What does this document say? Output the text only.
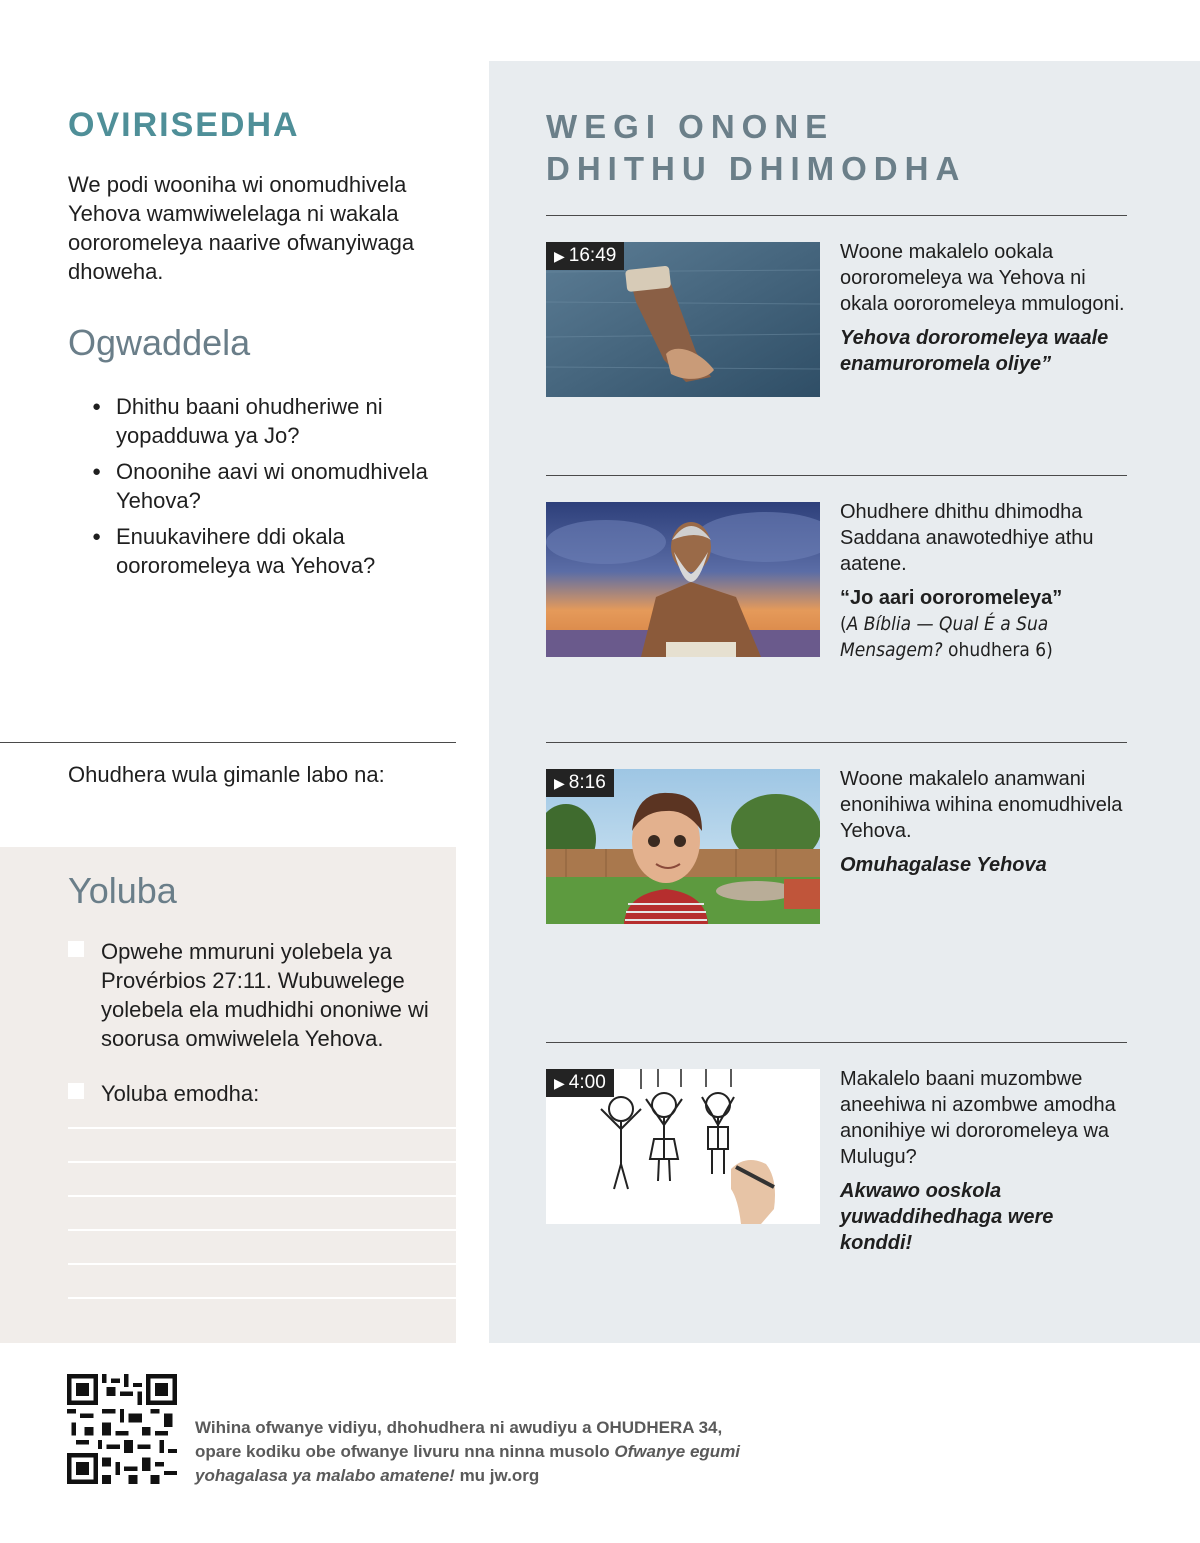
OVIRISEDHA

We podi wooniha wi onomudhivela Yehova wamwiwelelaga ni wakala oororomeleya naarive ofwanyiwaga dhoweha.

Ogwaddela
● Dhithu baani ohudheriwe ni yopadduwa ya Jo?
● Onoonihe aavi wi onomudhivela Yehova?
● Enuukavihere ddi okala oororomeleya wa Yehova?
Ohudhera wula gimanle labo na:
Yoluba
Opwehe mmuruni yolebela ya Provérbios 27:11. Wubuwelege yolebela ela mudhidhi ononiwe wi soorusa omwiwelela Yehova.
Yoluba emodha:
WEGI ONONE
DHITHU DHIMODHA
▶ 16:49	Woone makalelo ookala oororomeleya wa Yehova ni okala oororomeleya mmulogoni.
Yehova dororomeleya waale enamuroromela oliye”
Ohudhere dhithu dhimodha Saddana anawotedhiye athu aatene.
“Jo aari oororomeleya”
(A Bíblia — Qual É a Sua Mensagem? ohudhera 6)
▶ 8:16	Woone makalelo anamwani enonihiwa wihina enomudhivela Yehova.
Omuhagalase Yehova
▶ 4:00	Makalelo baani muzombwe aneehiwa ni azombwe amodha anonihiye wi dororomeleya wa Mulugu?
Akwawo ooskola yuwaddihedhaga were konddi!

Wihina ofwanye vidiyu, dhohudhera ni awudiyu a OHUDHERA 34, opare kodiku obe ofwanye livuru nna ninna musolo Ofwanye egumi yohagalasa ya malabo amatene! mu jw.org
